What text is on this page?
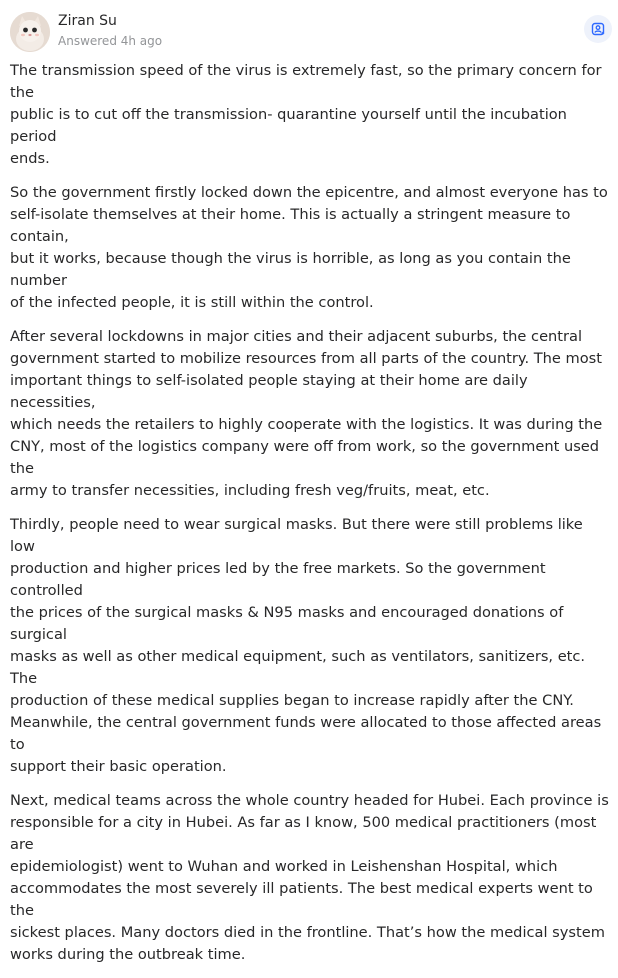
Ziran Su
Answered 4h ago

The transmission speed of the virus is extremely fast, so the primary concern for the
public is to cut off the transmission- quarantine yourself until the incubation period
ends.

So the government firstly locked down the epicentre, and almost everyone has to
self-isolate themselves at their home. This is actually a stringent measure to contain,
but it works, because though the virus is horrible, as long as you contain the number
of the infected people, it is still within the control.

After several lockdowns in major cities and their adjacent suburbs, the central
government started to mobilize resources from all parts of the country. The most
important things to self-isolated people staying at their home are daily necessities,
which needs the retailers to highly cooperate with the logistics. It was during the
CNY, most of the logistics company were off from work, so the government used the
army to transfer necessities, including fresh veg/fruits, meat, etc.

Thirdly, people need to wear surgical masks. But there were still problems like low
production and higher prices led by the free markets. So the government controlled
the prices of the surgical masks & N95 masks and encouraged donations of surgical
masks as well as other medical equipment, such as ventilators, sanitizers, etc. The
production of these medical supplies began to increase rapidly after the CNY.
Meanwhile, the central government funds were allocated to those affected areas to
support their basic operation.

Next, medical teams across the whole country headed for Hubei. Each province is
responsible for a city in Hubei. As far as I know, 500 medical practitioners (most are
epidemiologist) went to Wuhan and worked in Leishenshan Hospital, which
accommodates the most severely ill patients. The best medical experts went to the
sickest places. Many doctors died in the frontline. That’s how the medical system
works during the outbreak time.
